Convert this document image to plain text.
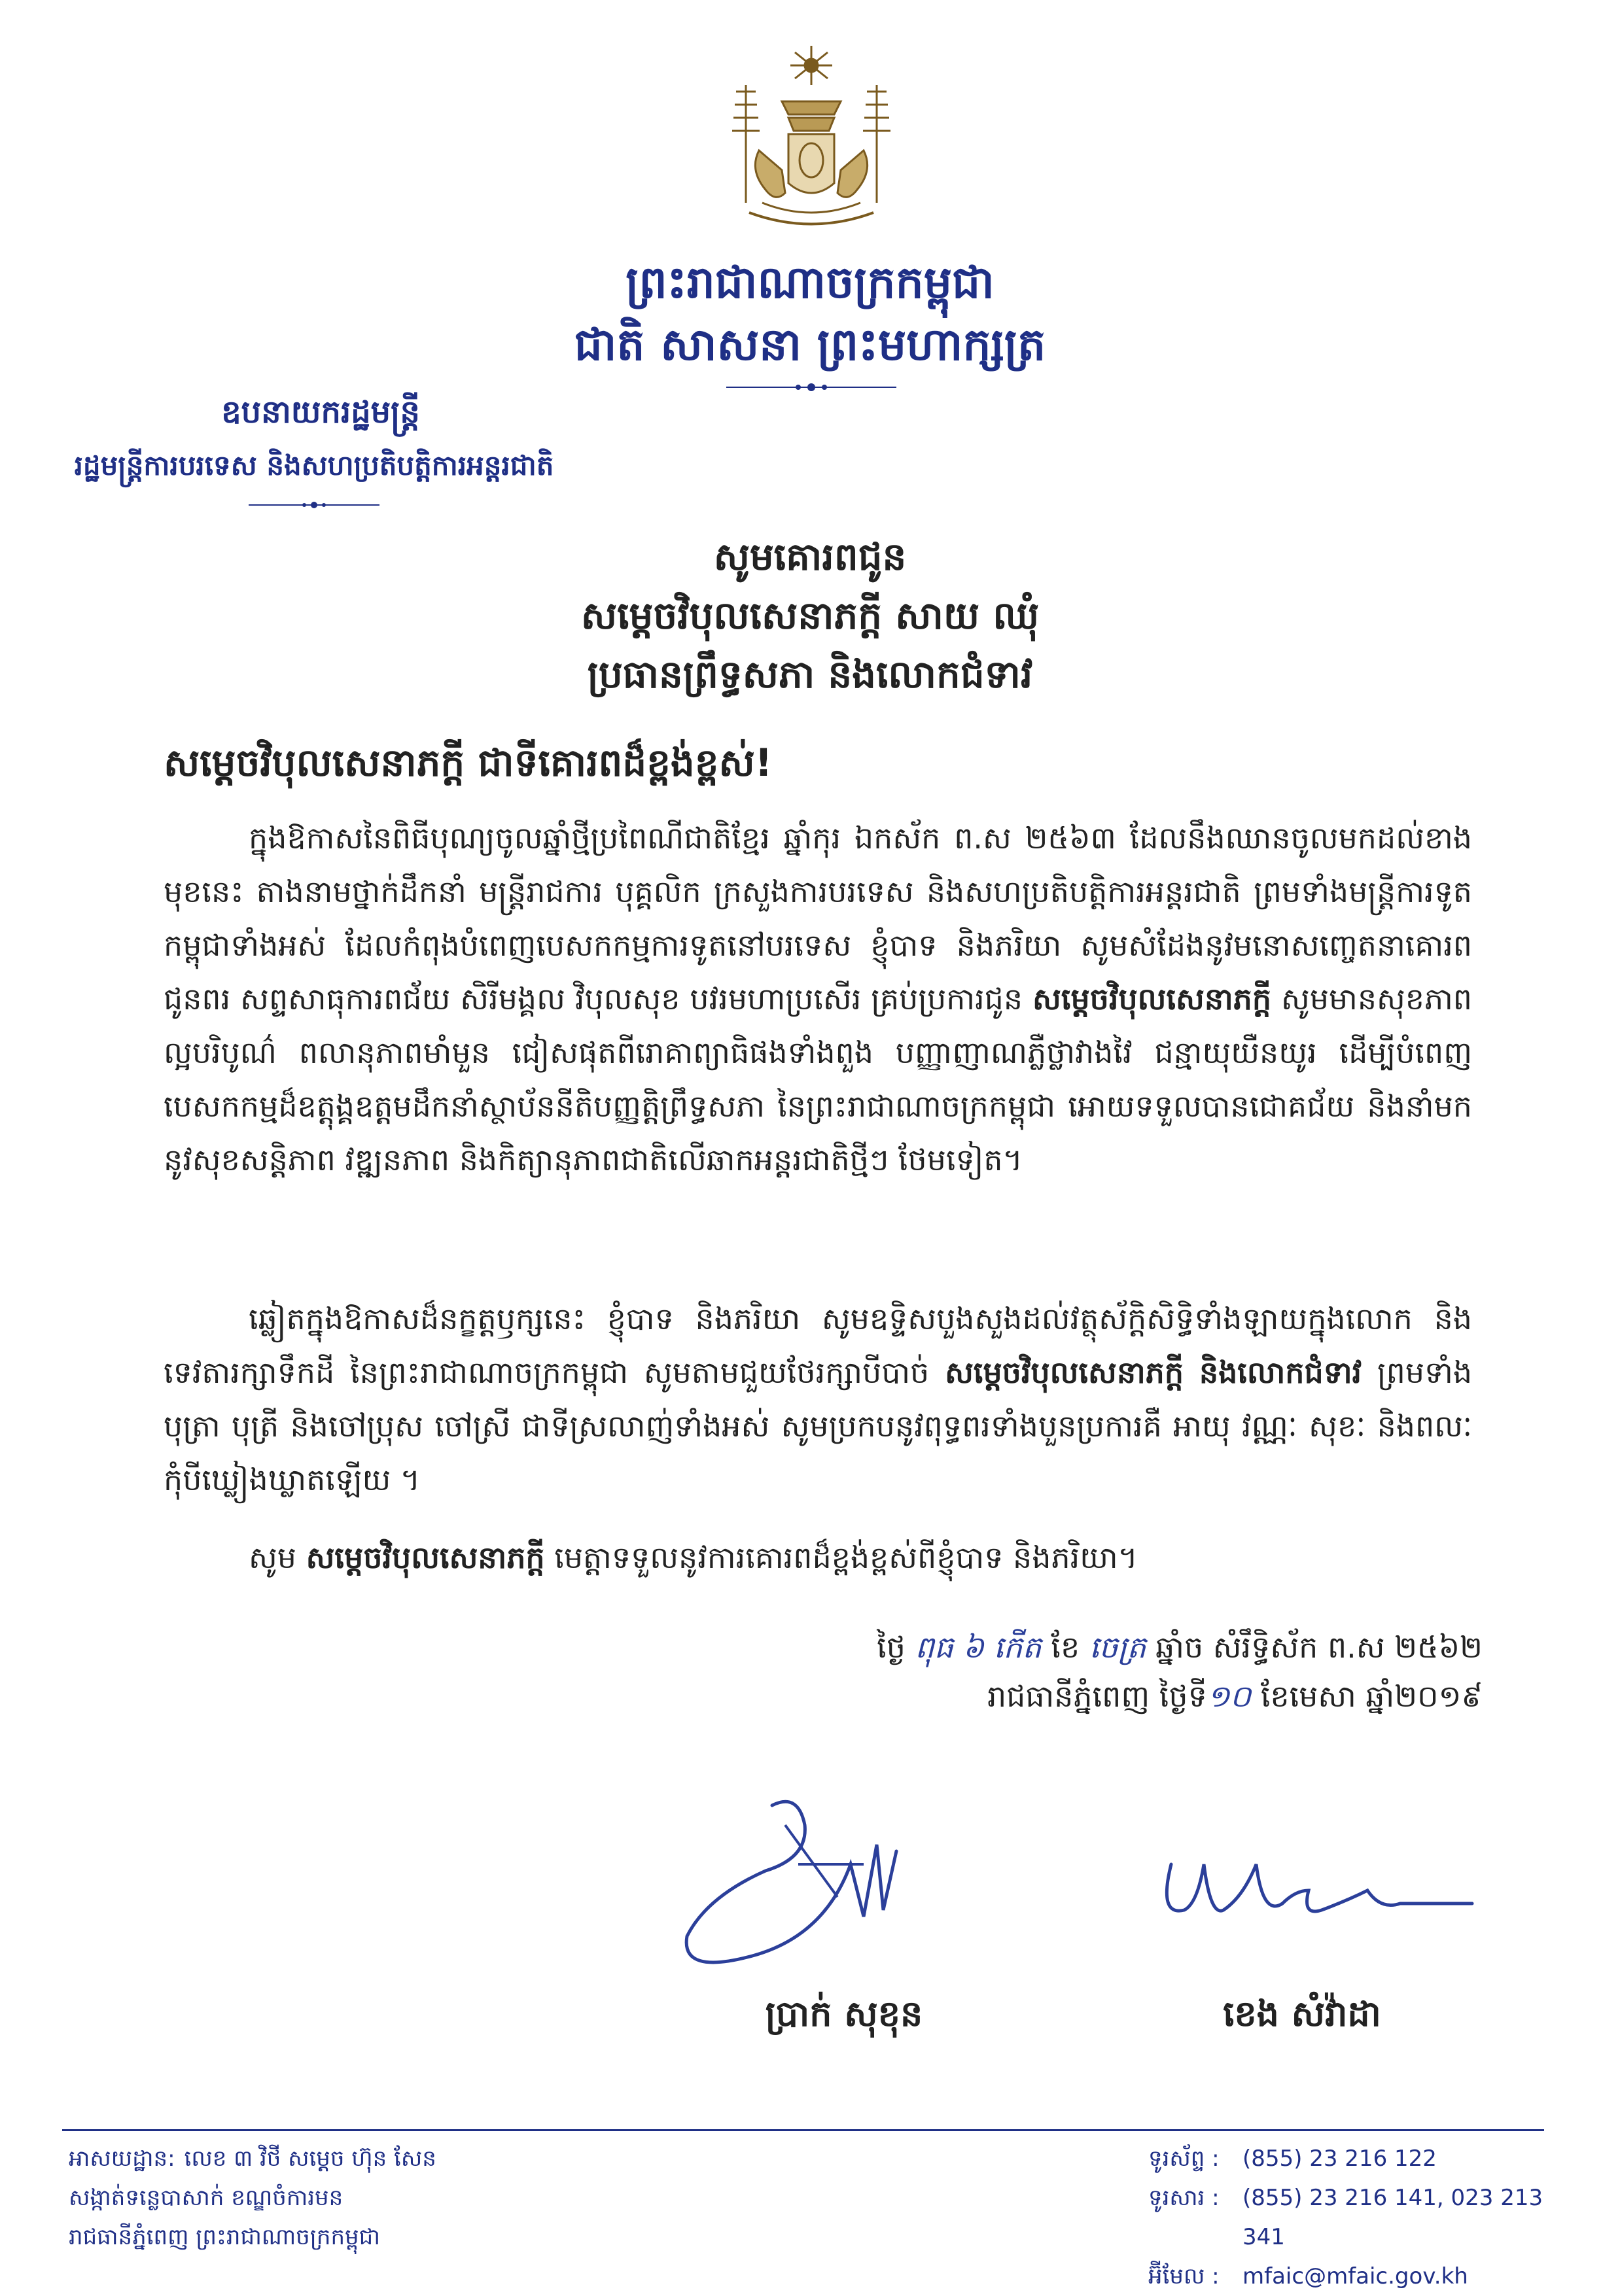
ព្រះរាជាណាចក្រកម្ពុជា
ជាតិ សាសនា ព្រះមហាក្សត្រ
ឧបនាយករដ្ឋមន្ត្រី
រដ្ឋមន្ត្រីការបរទេស និងសហប្រតិបត្តិការអន្តរជាតិ
សូមគោរពជូន
សម្តេចវិបុលសេនាភក្តី សាយ ឈុំ
ប្រធានព្រឹទ្ធសភា និងលោកជំទាវ
សម្តេចវិបុលសេនាភក្តី ជាទីគោរពដ៏ខ្ពង់ខ្ពស់!
ក្នុងឱកាសនៃពិធីបុណ្យចូលឆ្នាំថ្មីប្រពៃណីជាតិខ្មែរ ឆ្នាំកុរ ឯកស័ក ព.ស ២៥៦៣ ដែលនឹងឈានចូលមកដល់ខាងមុខនេះ តាងនាមថ្នាក់ដឹកនាំ មន្ត្រីរាជការ បុគ្គលិក ក្រសួងការបរទេស និងសហប្រតិបត្តិការអន្តរជាតិ ព្រមទាំងមន្ត្រីការទូតកម្ពុជាទាំងអស់ ដែលកំពុងបំពេញបេសកកម្មការទូតនៅបរទេស ខ្ញុំបាទ និងភរិយា សូមសំដែងនូវមនោសញ្ចេតនាគោរពជូនពរ សព្ទសាធុការពជ័យ សិរីមង្គល វិបុលសុខ បវរមហាប្រសើរ គ្រប់ប្រការជូន សម្តេចវិបុលសេនាភក្តី សូមមានសុខភាពល្អបរិបូណ៌ ពលានុភាពមាំមួន ជៀសផុតពីរោគាព្យាធិផងទាំងពួង បញ្ញាញាណភ្លឺថ្លាវាងវៃ ជន្មាយុយឺនយូរ ដើម្បីបំពេញបេសកកម្មដ៏ឧត្តុង្គឧត្តមដឹកនាំស្ថាប័ននីតិបញ្ញត្តិព្រឹទ្ធសភា នៃព្រះរាជាណាចក្រកម្ពុជា អោយទទួលបានជោគជ័យ និងនាំមកនូវសុខសន្តិភាព វឌ្ឍនភាព និងកិត្យានុភាពជាតិលើឆាកអន្តរជាតិថ្មីៗ ថែមទៀត។
ឆ្លៀតក្នុងឱកាសដ៏នក្ខត្តឫក្សនេះ ខ្ញុំបាទ និងភរិយា សូមឧទ្ទិសបួងសួងដល់វត្ថុស័ក្តិសិទ្ធិទាំងឡាយក្នុងលោក និងទេវតារក្សាទឹកដី នៃព្រះរាជាណាចក្រកម្ពុជា សូមតាមជួយថែរក្សាបីបាច់ សម្តេចវិបុលសេនាភក្តី និងលោកជំទាវ ព្រមទាំងបុត្រា បុត្រី និងចៅប្រុស ចៅស្រី ជាទីស្រលាញ់ទាំងអស់ សូមប្រកបនូវពុទ្ធពរទាំងបួនប្រការគឺ អាយុ វណ្ណៈ សុខៈ និងពលៈ កុំបីឃ្លៀងឃ្លាតឡើយ ។
សូម សម្តេចវិបុលសេនាភក្តី មេត្តាទទួលនូវការគោរពដ៏ខ្ពង់ខ្ពស់ពីខ្ញុំបាទ និងភរិយា។
ថ្ងៃ ពុធ ៦ កើត ខែ ចេត្រ ឆ្នាំច សំរឹទ្ធិស័ក ព.ស ២៥៦២
រាជធានីភ្នំពេញ ថ្ងៃទី១០ ខែមេសា ឆ្នាំ២០១៩
ប្រាក់ សុខុន	ខេង សំវ៉ាដា
អាសយដ្ឋាន: លេខ ៣ វិថី សម្តេច ហ៊ុន សែន
សង្កាត់ទន្លេបាសាក់ ខណ្ឌចំការមន
រាជធានីភ្នំពេញ ព្រះរាជាណាចក្រកម្ពុជា
ទូរស័ព្ទ :	(855) 23 216 122
ទូរសារ :	(855) 23 216 141, 023 213 341
អ៊ីមែល :	mfaic@mfaic.gov.kh
